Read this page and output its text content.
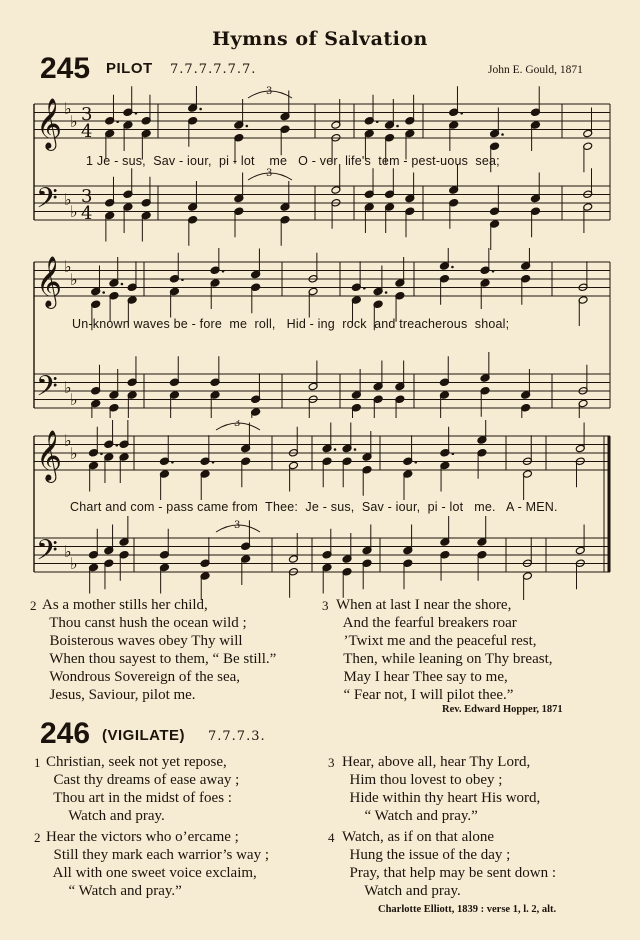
Hymns of Salvation
245 PILOT 7.7.7.7.7.7.	John E. Gould, 1871
𝄞
𝄢
♭
♭
♭
♭
3
4
3
4
3
3
𝄞
𝄢
♭
♭
♭
♭
𝄞
𝄢
♭
♭
♭
♭
3
3
1 Je - sus,  Sav - iour,  pi - lot    me   O - ver  life's  tem - pest-uous  sea;
Un-known waves be - fore  me  roll,   Hid - ing  rock  and treacherous  shoal;
Chart and com - pass came from  Thee:  Je - sus,  Sav - iour,  pi - lot   me.   A - MEN.
2 As a mother stills her child,
Thou canst hush the ocean wild ;
Boisterous waves obey Thy will
When thou sayest to them, “ Be still.”
Wondrous Sovereign of the sea,
Jesus, Saviour, pilot me.
3 When at last I near the shore,
And the fearful breakers roar
’Twixt me and the peaceful rest,
Then, while leaning on Thy breast,
May I hear Thee say to me,
“ Fear not, I will pilot thee.”
Rev. Edward Hopper, 1871
246 (VIGILATE) 7.7.7.3.
1 Christian, seek not yet repose,
Cast thy dreams of ease away ;
Thou art in the midst of foes :
Watch and pray.
2 Hear the victors who o’ercame ;
Still they mark each warrior’s way ;
All with one sweet voice exclaim,
“ Watch and pray.”
3 Hear, above all, hear Thy Lord,
Him thou lovest to obey ;
Hide within thy heart His word,
“ Watch and pray.”
4 Watch, as if on that alone
Hung the issue of the day ;
Pray, that help may be sent down :
Watch and pray.
Charlotte Elliott, 1839 : verse 1, l. 2, alt.
